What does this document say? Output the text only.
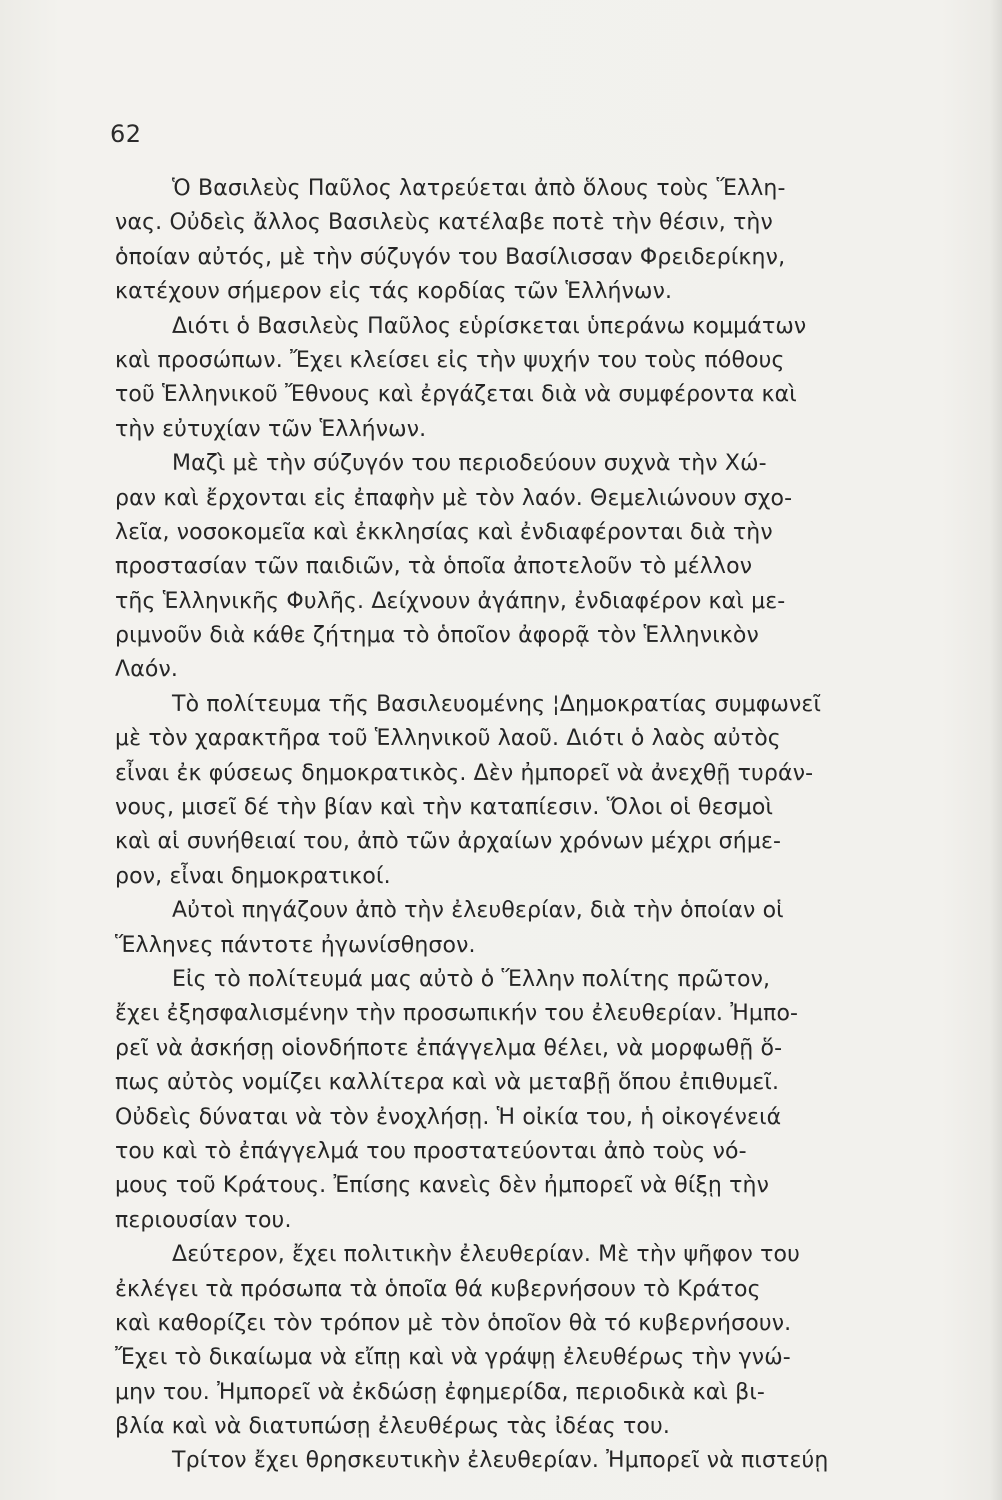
62
Ὁ Βασιλεὺς Παῦλος λατρεύεται ἀπὸ ὅλους τοὺς Ἕλλη-
νας. Οὐδεὶς ἄλλος Βασιλεὺς κατέλαβε ποτὲ τὴν θέσιν, τὴν
ὁποίαν αὐτός, μὲ τὴν σύζυγόν του Βασίλισσαν Φρειδερίκην,
κατέχουν σήμερον εἰς τάς κορδίας τῶν Ἑλλήνων.
Διότι ὁ Βασιλεὺς Παῦλος εὑρίσκεται ὑπεράνω κομμάτων
καὶ προσώπων. Ἔχει κλείσει εἰς τὴν ψυχήν του τοὺς πόθους
τοῦ Ἑλληνικοῦ Ἔθνους καὶ ἐργάζεται διὰ νὰ συμφέροντα καὶ
τὴν εὐτυχίαν τῶν Ἑλλήνων.
Μαζὶ μὲ τὴν σύζυγόν του περιοδεύουν συχνὰ τὴν Χώ-
ραν καὶ ἔρχονται εἰς ἐπαφὴν μὲ τὸν λαόν. Θεμελιώνουν σχο-
λεῖα, νοσοκομεῖα καὶ ἐκκλησίας καὶ ἐνδιαφέρονται διὰ τὴν
προστασίαν τῶν παιδιῶν, τὰ ὁποῖα ἀποτελοῦν τὸ μέλλον
τῆς Ἑλληνικῆς Φυλῆς. Δείχνουν ἀγάπην, ἐνδιαφέρον καὶ με-
ριμνοῦν διὰ κάθε ζήτημα τὸ ὁποῖον ἀφορᾷ τὸν Ἑλληνικὸν
Λαόν.
Τὸ πολίτευμα τῆς Βασιλευομένης ¦Δημοκρατίας συμφωνεῖ
μὲ τὸν χαρακτῆρα τοῦ Ἑλληνικοῦ λαοῦ. Διότι ὁ λαὸς αὐτὸς
εἶναι ἐκ φύσεως δημοκρατικὸς. Δὲν ἠμπορεῖ νὰ ἀνεχθῇ τυράν-
νους, μισεῖ δέ τὴν βίαν καὶ τὴν καταπίεσιν. Ὅλοι οἱ θεσμοὶ
καὶ αἱ συνήθειαί του, ἀπὸ τῶν ἀρχαίων χρόνων μέχρι σήμε-
ρον, εἶναι δημοκρατικοί.
Αὐτοὶ πηγάζουν ἀπὸ τὴν ἐλευθερίαν, διὰ τὴν ὁποίαν οἱ
Ἕλληνες πάντοτε ἠγωνίσθησον.
Εἰς τὸ πολίτευμά μας αὐτὸ ὁ Ἕλλην πολίτης πρῶτον,
ἔχει ἐξησφαλισμένην τὴν προσωπικήν του ἐλευθερίαν. Ἠμπο-
ρεῖ νὰ ἀσκήσῃ οἱονδήποτε ἐπάγγελμα θέλει, νὰ μορφωθῇ ὅ-
πως αὐτὸς νομίζει καλλίτερα καὶ νὰ μεταβῇ ὅπου ἐπιθυμεῖ.
Οὐδεὶς δύναται νὰ τὸν ἐνοχλήσῃ. Ἡ οἰκία του, ἡ οἰκογένειά
του καὶ τὸ ἐπάγγελμά του προστατεύονται ἀπὸ τοὺς νό-
μους τοῦ Κράτους. Ἐπίσης κανεὶς δὲν ἠμπορεῖ νὰ θίξῃ τὴν
περιουσίαν του.
Δεύτερον, ἔχει πολιτικὴν ἐλευθερίαν. Μὲ τὴν ψῆφον του
ἐκλέγει τὰ πρόσωπα τὰ ὁποῖα θά κυβερνήσουν τὸ Κράτος
καὶ καθορίζει τὸν τρόπον μὲ τὸν ὁποῖον θὰ τό κυβερνήσουν.
Ἔχει τὸ δικαίωμα νὰ εἴπῃ καὶ νὰ γράψῃ ἐλευθέρως τὴν γνώ-
μην του. Ἠμπορεῖ νὰ ἐκδώσῃ ἐφημερίδα, περιοδικὰ καὶ βι-
βλία καὶ νὰ διατυπώσῃ ἐλευθέρως τὰς ἰδέας του.
Τρίτον ἔχει θρησκευτικὴν ἐλευθερίαν. Ἠμπορεῖ νὰ πιστεύῃ
